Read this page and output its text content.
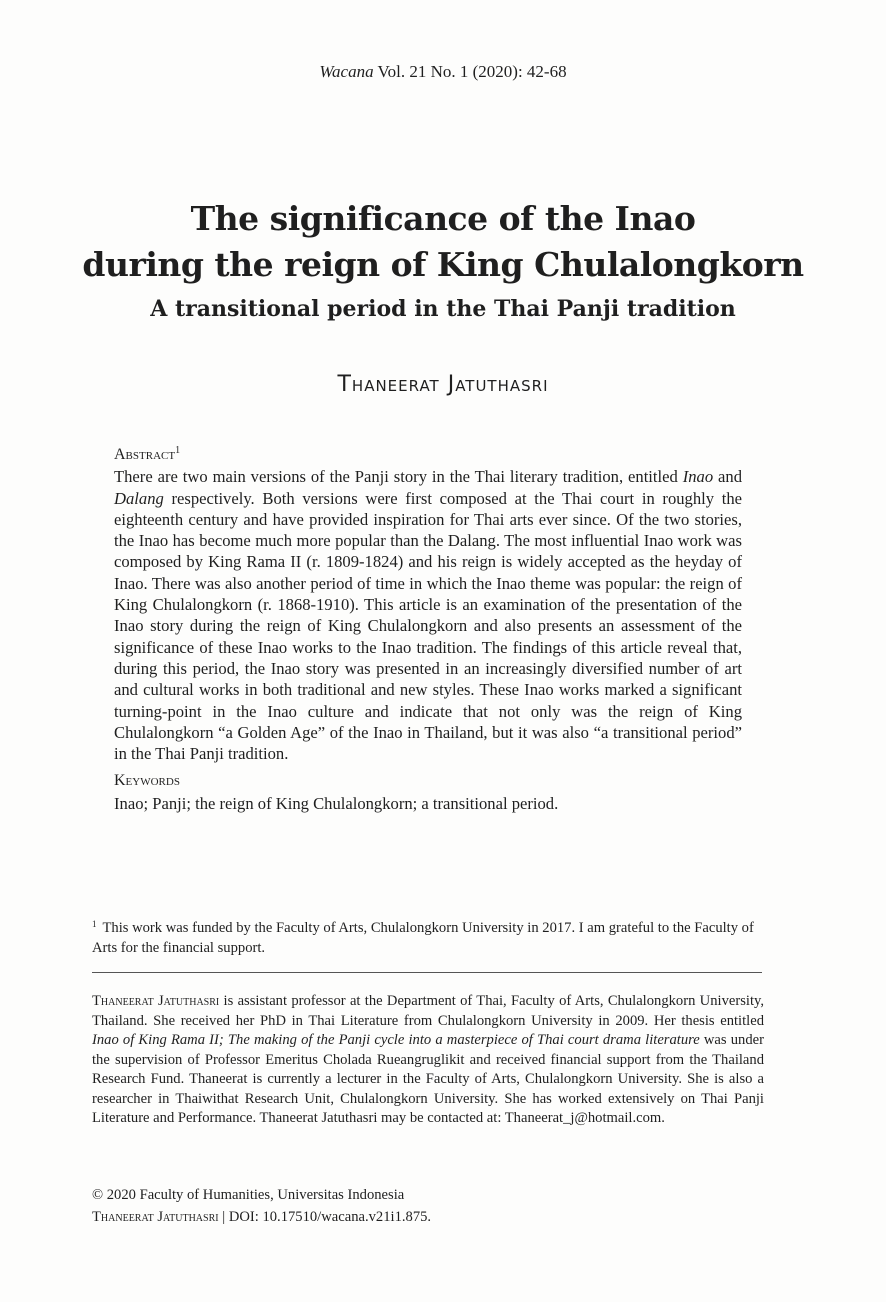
Wacana Vol. 21 No. 1 (2020): 42-68
The significance of the Inao
during the reign of King Chulalongkorn
A transitional period in the Thai Panji tradition
Thaneerat Jatuthasri
Abstract$^1$
There are two main versions of the Panji story in the Thai literary tradition, entitled Inao and Dalang respectively. Both versions were first composed at the Thai court in roughly the eighteenth century and have provided inspiration for Thai arts ever since. Of the two stories, the Inao has become much more popular than the Dalang. The most influential Inao work was composed by King Rama II (r. 1809-1824) and his reign is widely accepted as the heyday of Inao. There was also another period of time in which the Inao theme was popular: the reign of King Chulalongkorn (r. 1868-1910). This article is an examination of the presentation of the Inao story during the reign of King Chulalongkorn and also presents an assessment of the significance of these Inao works to the Inao tradition. The findings of this article reveal that, during this period, the Inao story was presented in an increasingly diversified number of art and cultural works in both traditional and new styles. These Inao works marked a significant turning-point in the Inao culture and indicate that not only was the reign of King Chulalongkorn “a Golden Age” of the Inao in Thailand, but it was also “a transitional period” in the Thai Panji tradition.
Keywords
Inao; Panji; the reign of King Chulalongkorn; a transitional period.
$^1$ This work was funded by the Faculty of Arts, Chulalongkorn University in 2017. I am grateful to the Faculty of Arts for the financial support.
Thaneerat Jatuthasri is assistant professor at the Department of Thai, Faculty of Arts, Chulalongkorn University, Thailand. She received her PhD in Thai Literature from Chulalongkorn University in 2009. Her thesis entitled Inao of King Rama II; The making of the Panji cycle into a masterpiece of Thai court drama literature was under the supervision of Professor Emeritus Cholada Rueangruglikit and received financial support from the Thailand Research Fund. Thaneerat is currently a lecturer in the Faculty of Arts, Chulalongkorn University. She is also a researcher in Thaiwithat Research Unit, Chulalongkorn University. She has worked extensively on Thai Panji Literature and Performance. Thaneerat Jatuthasri may be contacted at: Thaneerat_j@hotmail.com.
© 2020 Faculty of Humanities, Universitas Indonesia
Thaneerat Jatuthasri | DOI: 10.17510/wacana.v21i1.875.
